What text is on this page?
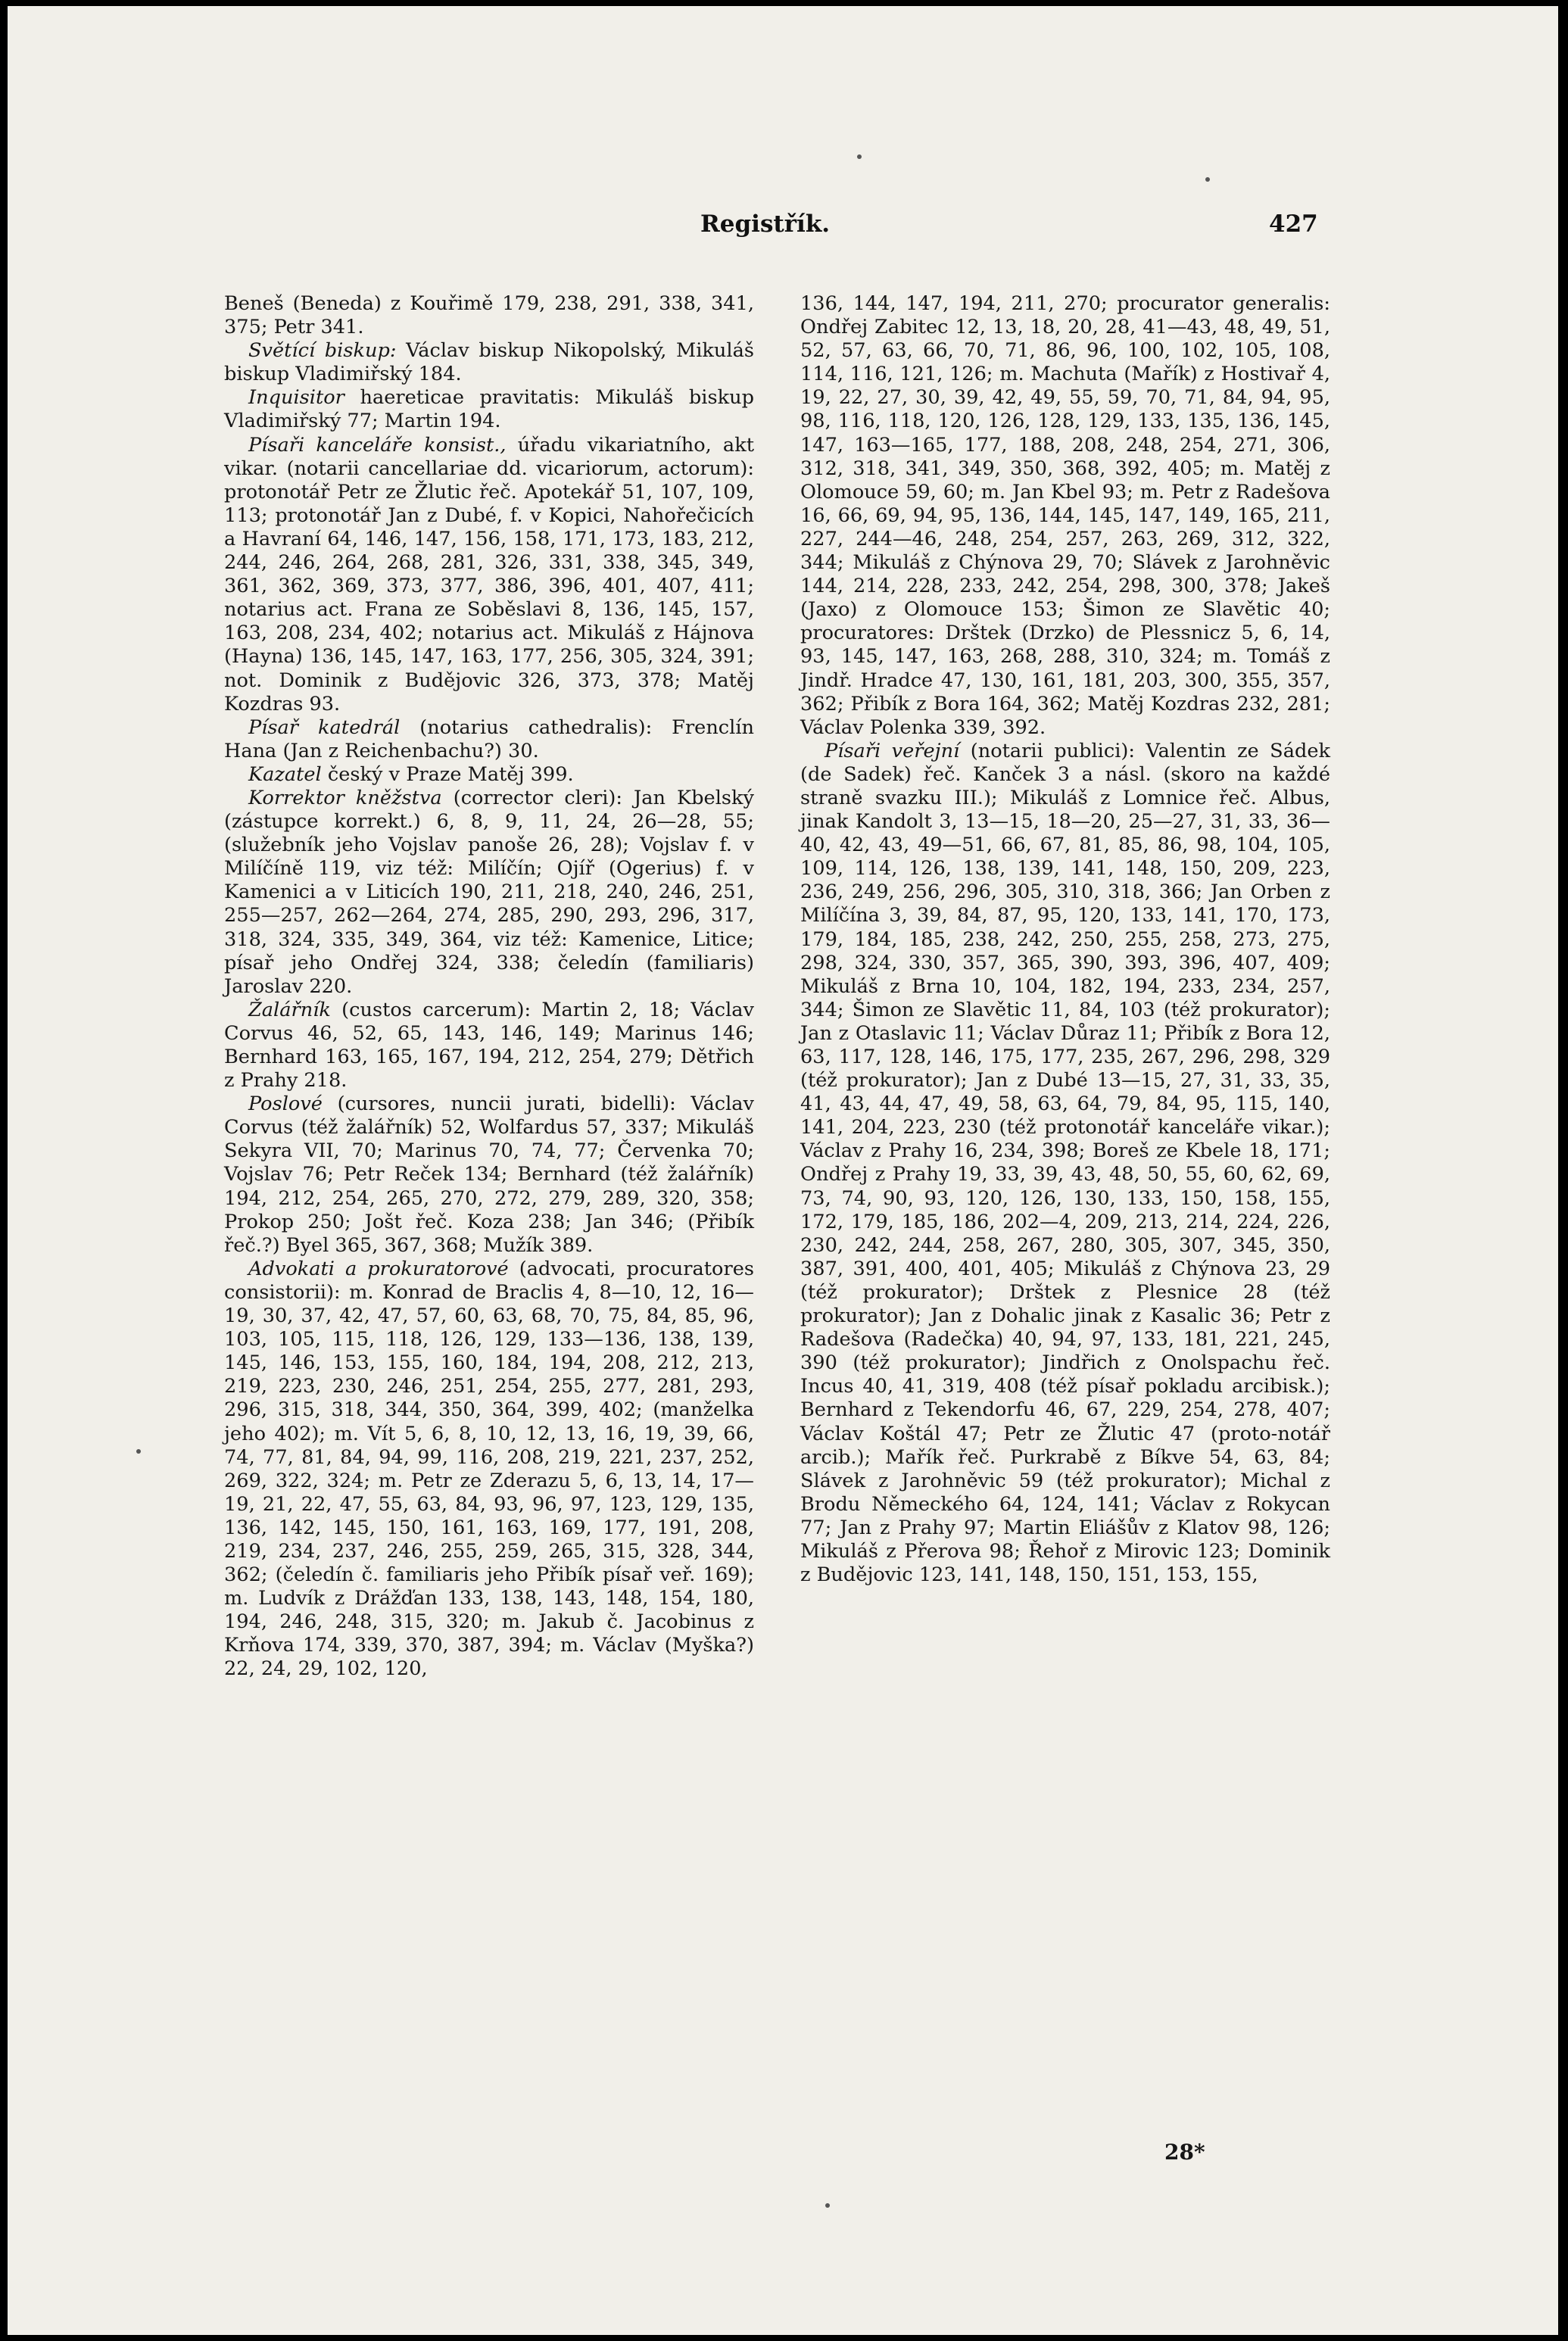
Registřík.	427

Beneš (Beneda) z Kouřimě 179, 238, 291, 338, 341, 375; Petr 341.

Světící biskup: Václav biskup Nikopolský, Mikuláš biskup Vladimiřský 184.

Inquisitor haereticae pravitatis: Mikuláš biskup Vladimiřský 77; Martin 194.

Písaři kanceláře konsist., úřadu vikariatního, akt vikar. (notarii cancellariae dd. vicariorum, actorum): protonotář Petr ze Žlutic řeč. Apotekář 51, 107, 109, 113; protonotář Jan z Dubé, f. v Kopici, Nahořečicích a Havraní 64, 146, 147, 156, 158, 171, 173, 183, 212, 244, 246, 264, 268, 281, 326, 331, 338, 345, 349, 361, 362, 369, 373, 377, 386, 396, 401, 407, 411; notarius act. Frana ze Soběslavi 8, 136, 145, 157, 163, 208, 234, 402; notarius act. Mikuláš z Hájnova (Hayna) 136, 145, 147, 163, 177, 256, 305, 324, 391; not. Dominik z Budějovic 326, 373, 378; Matěj Kozdras 93.

Písař katedrál (notarius cathedralis): Frenclín Hana (Jan z Reichenbachu?) 30.

Kazatel český v Praze Matěj 399.

Korrektor kněžstva (corrector cleri): Jan Kbelský (zástupce korrekt.) 6, 8, 9, 11, 24, 26—28, 55; (služebník jeho Vojslav panoše 26, 28); Vojslav f. v Milíčíně 119, viz též: Milíčín; Ojíř (Ogerius) f. v Kamenici a v Liticích 190, 211, 218, 240, 246, 251, 255—257, 262—264, 274, 285, 290, 293, 296, 317, 318, 324, 335, 349, 364, viz též: Kamenice, Litice; písař jeho Ondřej 324, 338; čeledín (familiaris) Jaroslav 220.

Žalářník (custos carcerum): Martin 2, 18; Václav Corvus 46, 52, 65, 143, 146, 149; Marinus 146; Bernhard 163, 165, 167, 194, 212, 254, 279; Dětřich z Prahy 218.

Poslové (cursores, nuncii jurati, bidelli): Václav Corvus (též žalářník) 52, Wolfardus 57, 337; Mikuláš Sekyra VII, 70; Marinus 70, 74, 77; Červenka 70; Vojslav 76; Petr Reček 134; Bernhard (též žalářník) 194, 212, 254, 265, 270, 272, 279, 289, 320, 358; Prokop 250; Jošt řeč. Koza 238; Jan 346; (Přibík řeč.?) Byel 365, 367, 368; Mužík 389.

Advokati a prokuratorové (advocati, procuratores consistorii): m. Konrad de Braclis 4, 8—10, 12, 16—19, 30, 37, 42, 47, 57, 60, 63, 68, 70, 75, 84, 85, 96, 103, 105, 115, 118, 126, 129, 133—136, 138, 139, 145, 146, 153, 155, 160, 184, 194, 208, 212, 213, 219, 223, 230, 246, 251, 254, 255, 277, 281, 293, 296, 315, 318, 344, 350, 364, 399, 402; (manželka jeho 402); m. Vít 5, 6, 8, 10, 12, 13, 16, 19, 39, 66, 74, 77, 81, 84, 94, 99, 116, 208, 219, 221, 237, 252, 269, 322, 324; m. Petr ze Zderazu 5, 6, 13, 14, 17—19, 21, 22, 47, 55, 63, 84, 93, 96, 97, 123, 129, 135, 136, 142, 145, 150, 161, 163, 169, 177, 191, 208, 219, 234, 237, 246, 255, 259, 265, 315, 328, 344, 362; (čeledín č. familiaris jeho Přibík písař veř. 169); m. Ludvík z Drážďan 133, 138, 143, 148, 154, 180, 194, 246, 248, 315, 320; m. Jakub č. Jacobinus z Krňova 174, 339, 370, 387, 394; m. Václav (Myška?) 22, 24, 29, 102, 120,

136, 144, 147, 194, 211, 270; procurator generalis: Ondřej Zabitec 12, 13, 18, 20, 28, 41—43, 48, 49, 51, 52, 57, 63, 66, 70, 71, 86, 96, 100, 102, 105, 108, 114, 116, 121, 126; m. Machuta (Mařík) z Hostivař 4, 19, 22, 27, 30, 39, 42, 49, 55, 59, 70, 71, 84, 94, 95, 98, 116, 118, 120, 126, 128, 129, 133, 135, 136, 145, 147, 163—165, 177, 188, 208, 248, 254, 271, 306, 312, 318, 341, 349, 350, 368, 392, 405; m. Matěj z Olomouce 59, 60; m. Jan Kbel 93; m. Petr z Radešova 16, 66, 69, 94, 95, 136, 144, 145, 147, 149, 165, 211, 227, 244—46, 248, 254, 257, 263, 269, 312, 322, 344; Mikuláš z Chýnova 29, 70; Slávek z Jarohněvic 144, 214, 228, 233, 242, 254, 298, 300, 378; Jakeš (Jaxo) z Olomouce 153; Šimon ze Slavětic 40; procuratores: Drštek (Drzko) de Plessnicz 5, 6, 14, 93, 145, 147, 163, 268, 288, 310, 324; m. Tomáš z Jindř. Hradce 47, 130, 161, 181, 203, 300, 355, 357, 362; Přibík z Bora 164, 362; Matěj Kozdras 232, 281; Václav Polenka 339, 392.

Písaři veřejní (notarii publici): Valentin ze Sádek (de Sadek) řeč. Kanček 3 a násl. (skoro na každé straně svazku III.); Mikuláš z Lomnice řeč. Albus, jinak Kandolt 3, 13—15, 18—20, 25—27, 31, 33, 36—40, 42, 43, 49—51, 66, 67, 81, 85, 86, 98, 104, 105, 109, 114, 126, 138, 139, 141, 148, 150, 209, 223, 236, 249, 256, 296, 305, 310, 318, 366; Jan Orben z Milíčína 3, 39, 84, 87, 95, 120, 133, 141, 170, 173, 179, 184, 185, 238, 242, 250, 255, 258, 273, 275, 298, 324, 330, 357, 365, 390, 393, 396, 407, 409; Mikuláš z Brna 10, 104, 182, 194, 233, 234, 257, 344; Šimon ze Slavětic 11, 84, 103 (též prokurator); Jan z Otaslavic 11; Václav Důraz 11; Přibík z Bora 12, 63, 117, 128, 146, 175, 177, 235, 267, 296, 298, 329 (též prokurator); Jan z Dubé 13—15, 27, 31, 33, 35, 41, 43, 44, 47, 49, 58, 63, 64, 79, 84, 95, 115, 140, 141, 204, 223, 230 (též protonotář kanceláře vikar.); Václav z Prahy 16, 234, 398; Boreš ze Kbele 18, 171; Ondřej z Prahy 19, 33, 39, 43, 48, 50, 55, 60, 62, 69, 73, 74, 90, 93, 120, 126, 130, 133, 150, 158, 155, 172, 179, 185, 186, 202—4, 209, 213, 214, 224, 226, 230, 242, 244, 258, 267, 280, 305, 307, 345, 350, 387, 391, 400, 401, 405; Mikuláš z Chýnova 23, 29 (též prokurator); Drštek z Plesnice 28 (též prokurator); Jan z Dohalic jinak z Kasalic 36; Petr z Radešova (Radečka) 40, 94, 97, 133, 181, 221, 245, 390 (též prokurator); Jindřich z Onolspachu řeč. Incus 40, 41, 319, 408 (též písař pokladu arcibisk.); Bernhard z Tekendorfu 46, 67, 229, 254, 278, 407; Václav Koštál 47; Petr ze Žlutic 47 (proto-notář arcib.); Mařík řeč. Purkrabě z Bíkve 54, 63, 84; Slávek z Jarohněvic 59 (též prokurator); Michal z Brodu Německého 64, 124, 141; Václav z Rokycan 77; Jan z Prahy 97; Martin Eliášův z Klatov 98, 126; Mikuláš z Přerova 98; Řehoř z Mirovic 123; Dominik z Budějovic 123, 141, 148, 150, 151, 153, 155,

28*
